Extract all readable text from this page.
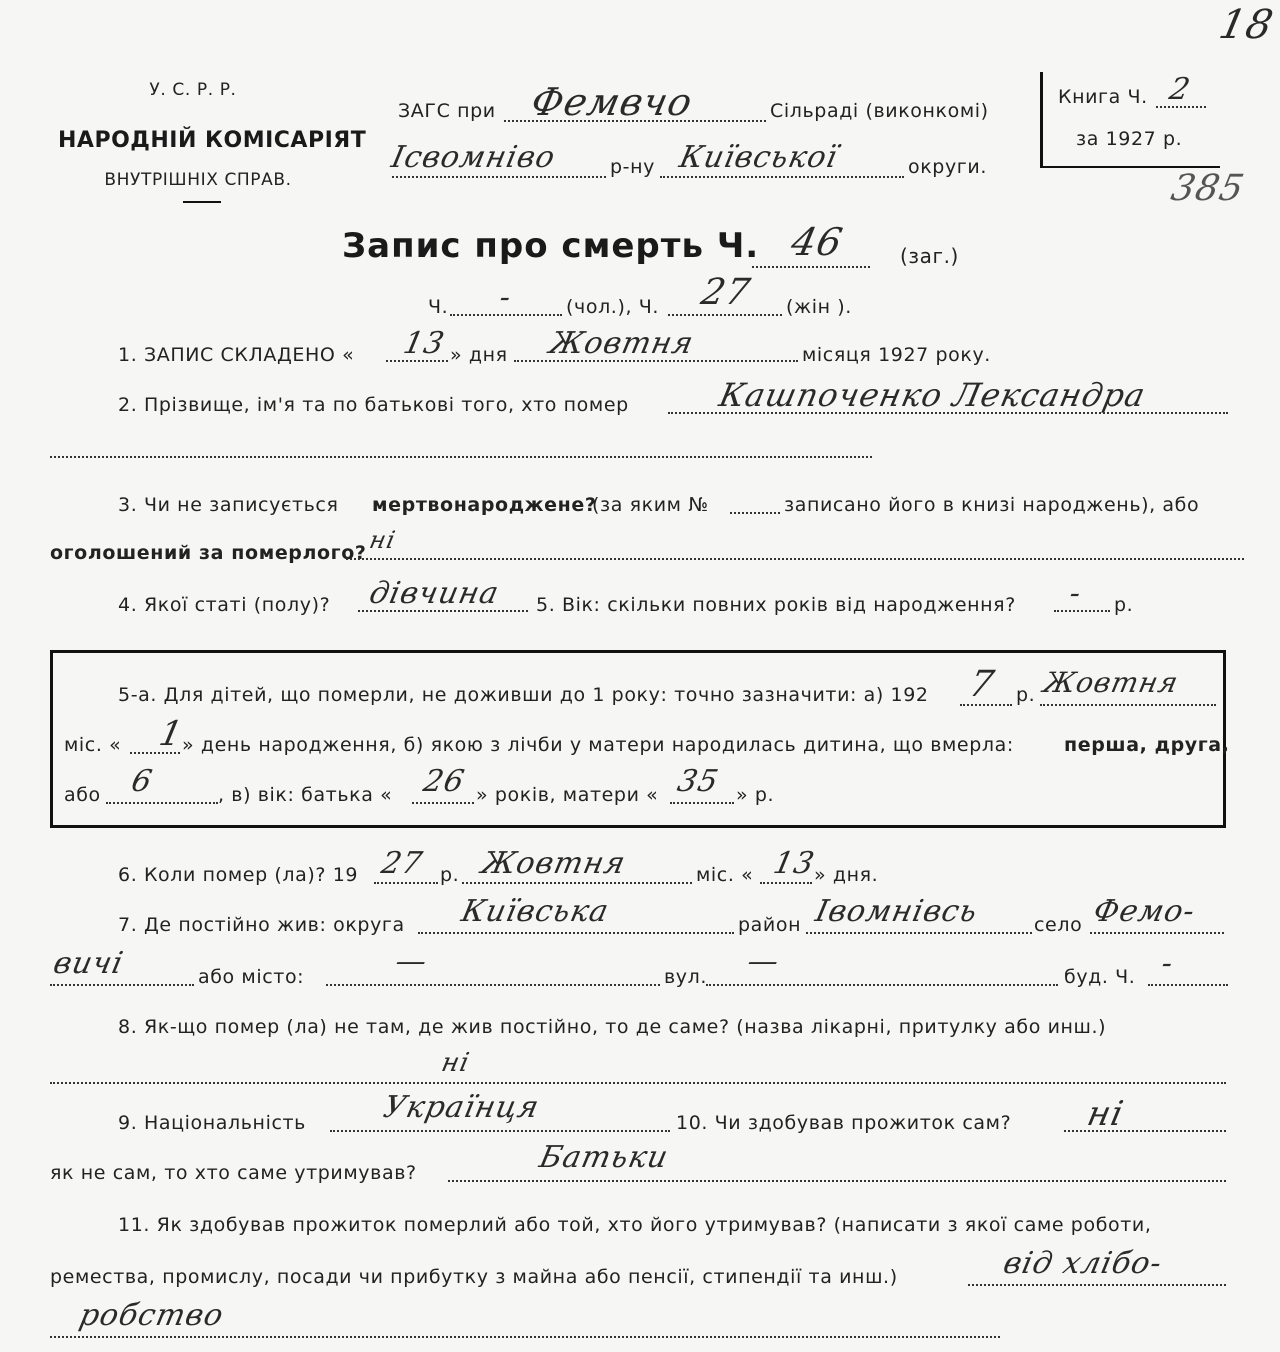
У. С. Р. Р.
НАРОДНІЙ КОМІСАРІЯТ
ВНУТРІШНІХ СПРАВ.
ЗАГС при Фемвчо	Сільраді (виконкомі)
Ісвомніво	р-ну Київської	округи.
Книга Ч. 2
за 1927 р.
18
385
Запис про смерть Ч. 46	(заг.)
Ч. -	(чол.), Ч. 27 (жін ).
1. ЗАПИС СКЛАДЕНО « 13 » дня Жовтня	місяця 1927 року.
2. Прізвище, ім'я та по батькові того, хто помер	Кашпоченко Лександра
3. Чи не записується мертвонароджене?
(за яким №	записано його в книзі народжень), або
оголошений за померлого? ні
4. Якої статі (полу)? дівчина 5. Вік: скільки повних років від народження? - р.
5-а. Для дітей, що померли, не доживши до 1 року: точно зазначити: а) 192 7 р. Жовтня
міс. « 1
» день народження, б) якою з лічби у матери народилась дитина, що вмерла:	перша, друга,
або 6	, в) вік: батька « 26 » років, матери « 35 » р.
6. Коли помер (ла)? 19 27 р. Жовтня	міс. « 13
» дня.
7. Де постійно жив: округа Київська	район Івомнівсь	село Фемо-
вичі	або місто:	—	вул. —	буд. Ч. -
8. Як-що помер (ла) не там, де жив постійно, то де саме? (назва лікарні, притулку або инш.)
ні
9. Національність Українця	10. Чи здобував прожиток сам? ні
як не сам, то хто саме утримував?	Батьки
11. Як здобував прожиток померлий або той, хто його утримував? (написати з якої саме роботи,
ремества, промислу, посади чи прибутку з майна або пенсії, стипендії та инш.)	від хлібо-
робство
